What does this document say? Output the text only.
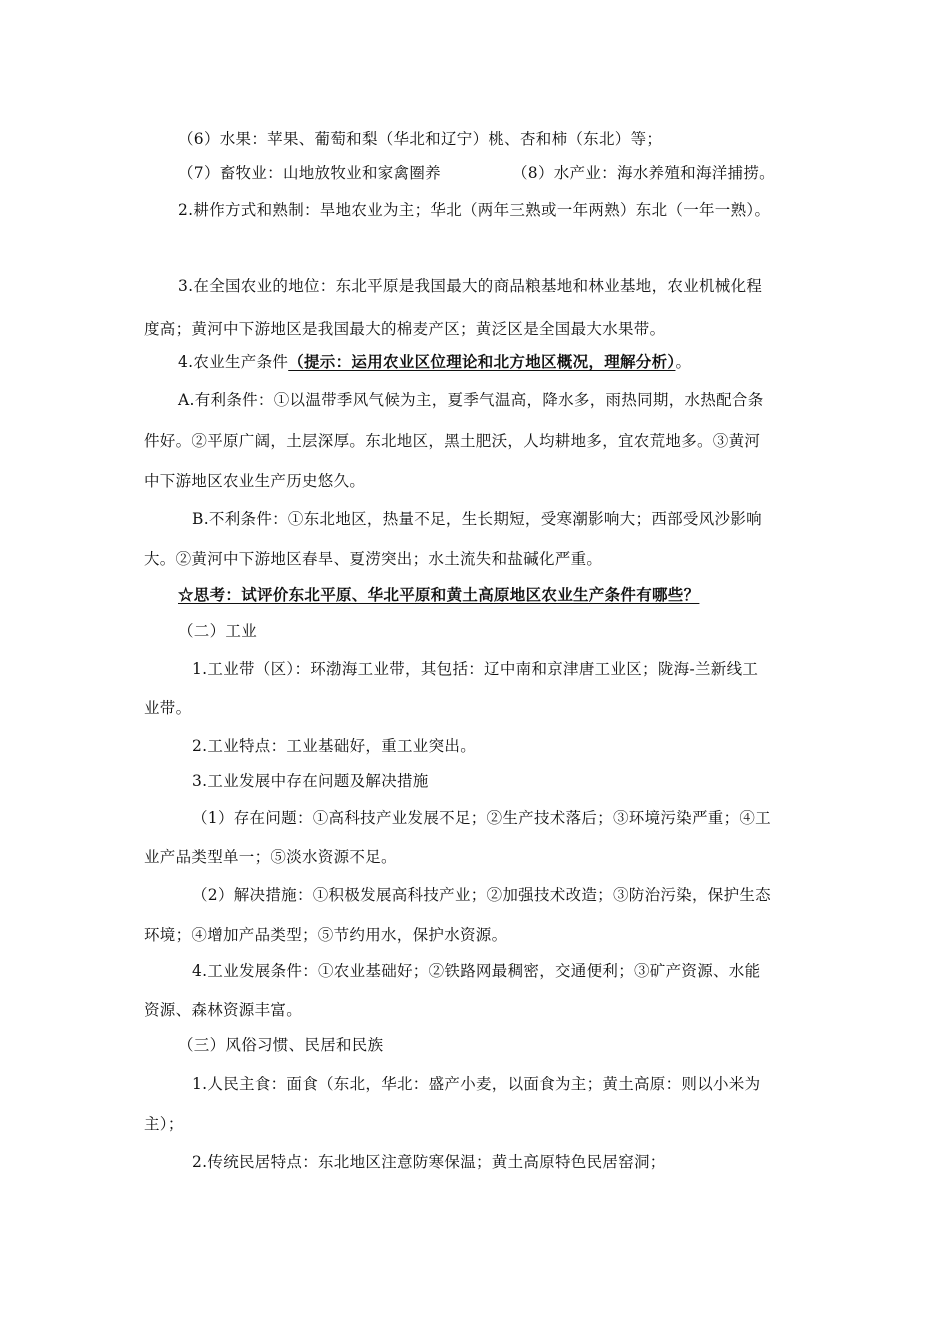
（6）水果：苹果、葡萄和梨（华北和辽宁）桃、杏和柿（东北）等；
（7）畜牧业：山地放牧业和家禽圈养	（8）水产业：海水养殖和海洋捕捞。
2.耕作方式和熟制：旱地农业为主；华北（两年三熟或一年两熟）东北（一年一熟）。
3.在全国农业的地位：东北平原是我国最大的商品粮基地和林业基地，农业机械化程
度高；黄河中下游地区是我国最大的棉麦产区；黄泛区是全国最大水果带。
4.农业生产条件（提示：运用农业区位理论和北方地区概况，理解分析）。
A.有利条件：①以温带季风气候为主，夏季气温高，降水多，雨热同期，水热配合条
件好。②平原广阔，土层深厚。东北地区，黑土肥沃，人均耕地多，宜农荒地多。③黄河
中下游地区农业生产历史悠久。
B.不利条件：①东北地区，热量不足，生长期短，受寒潮影响大；西部受风沙影响
大。②黄河中下游地区春旱、夏涝突出；水土流失和盐碱化严重。
☆思考：试评价东北平原、华北平原和黄土高原地区农业生产条件有哪些？
（二）工业
1.工业带（区）：环渤海工业带，其包括：辽中南和京津唐工业区；陇海-兰新线工
业带。
2.工业特点：工业基础好，重工业突出。
3.工业发展中存在问题及解决措施
（1）存在问题：①高科技产业发展不足；②生产技术落后；③环境污染严重；④工
业产品类型单一；⑤淡水资源不足。
（2）解决措施：①积极发展高科技产业；②加强技术改造；③防治污染，保护生态
环境；④增加产品类型；⑤节约用水，保护水资源。
4.工业发展条件：①农业基础好；②铁路网最稠密，交通便利；③矿产资源、水能
资源、森林资源丰富。
（三）风俗习惯、民居和民族
1.人民主食：面食（东北，华北：盛产小麦，以面食为主；黄土高原：则以小米为
主）；
2.传统民居特点：东北地区注意防寒保温；黄土高原特色民居窑洞；
